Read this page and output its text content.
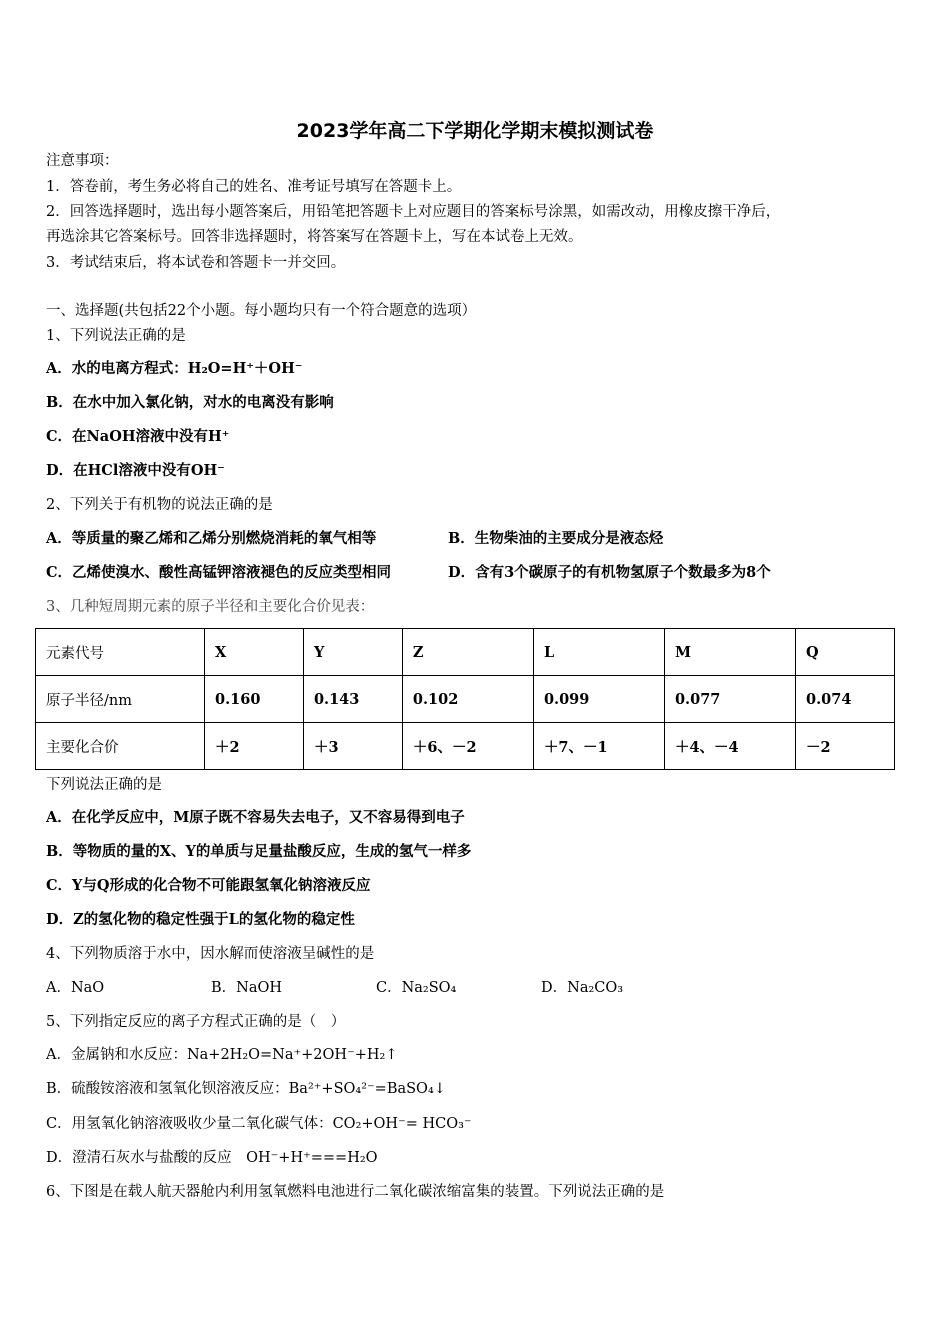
2023学年高二下学期化学期末模拟测试卷
注意事项：
1．答卷前，考生务必将自己的姓名、准考证号填写在答题卡上。
2．回答选择题时，选出每小题答案后，用铅笔把答题卡上对应题目的答案标号涂黑，如需改动，用橡皮擦干净后，
再选涂其它答案标号。回答非选择题时，将答案写在答题卡上，写在本试卷上无效。
3．考试结束后，将本试卷和答题卡一并交回。
一、选择题(共包括22个小题。每小题均只有一个符合题意的选项）
1、下列说法正确的是
A．水的电离方程式：H₂O=H⁺＋OH⁻
B．在水中加入氯化钠，对水的电离没有影响
C．在NaOH溶液中没有H⁺
D．在HCl溶液中没有OH⁻
2、下列关于有机物的说法正确的是
A．等质量的聚乙烯和乙烯分别燃烧消耗的氧气相等	B．生物柴油的主要成分是液态烃
C．乙烯使溴水、酸性高锰钾溶液褪色的反应类型相同	D．含有3个碳原子的有机物氢原子个数最多为8个
3、几种短周期元素的原子半径和主要化合价见表：
元素代号	X	Y	Z	L	M	Q
原子半径/nm	0.160	0.143	0.102	0.099	0.077	0.074
主要化合价	＋2	＋3	＋6、－2	＋7、－1	＋4、－4	－2
下列说法正确的是
A．在化学反应中，M原子既不容易失去电子，又不容易得到电子
B．等物质的量的X、Y的单质与足量盐酸反应，生成的氢气一样多
C．Y与Q形成的化合物不可能跟氢氧化钠溶液反应
D．Z的氢化物的稳定性强于L的氢化物的稳定性
4、下列物质溶于水中，因水解而使溶液呈碱性的是
A．NaO	B．NaOH	C．Na₂SO₄	D．Na₂CO₃
5、下列指定反应的离子方程式正确的是（　）
A．金属钠和水反应：Na+2H₂O=Na⁺+2OH⁻+H₂↑
B．硫酸铵溶液和氢氧化钡溶液反应：Ba²⁺+SO₄²⁻=BaSO₄↓
C．用氢氧化钠溶液吸收少量二氧化碳气体：CO₂+OH⁻= HCO₃⁻
D．澄清石灰水与盐酸的反应　OH⁻+H⁺===H₂O
6、下图是在载人航天器舱内利用氢氧燃料电池进行二氧化碳浓缩富集的装置。下列说法正确的是
